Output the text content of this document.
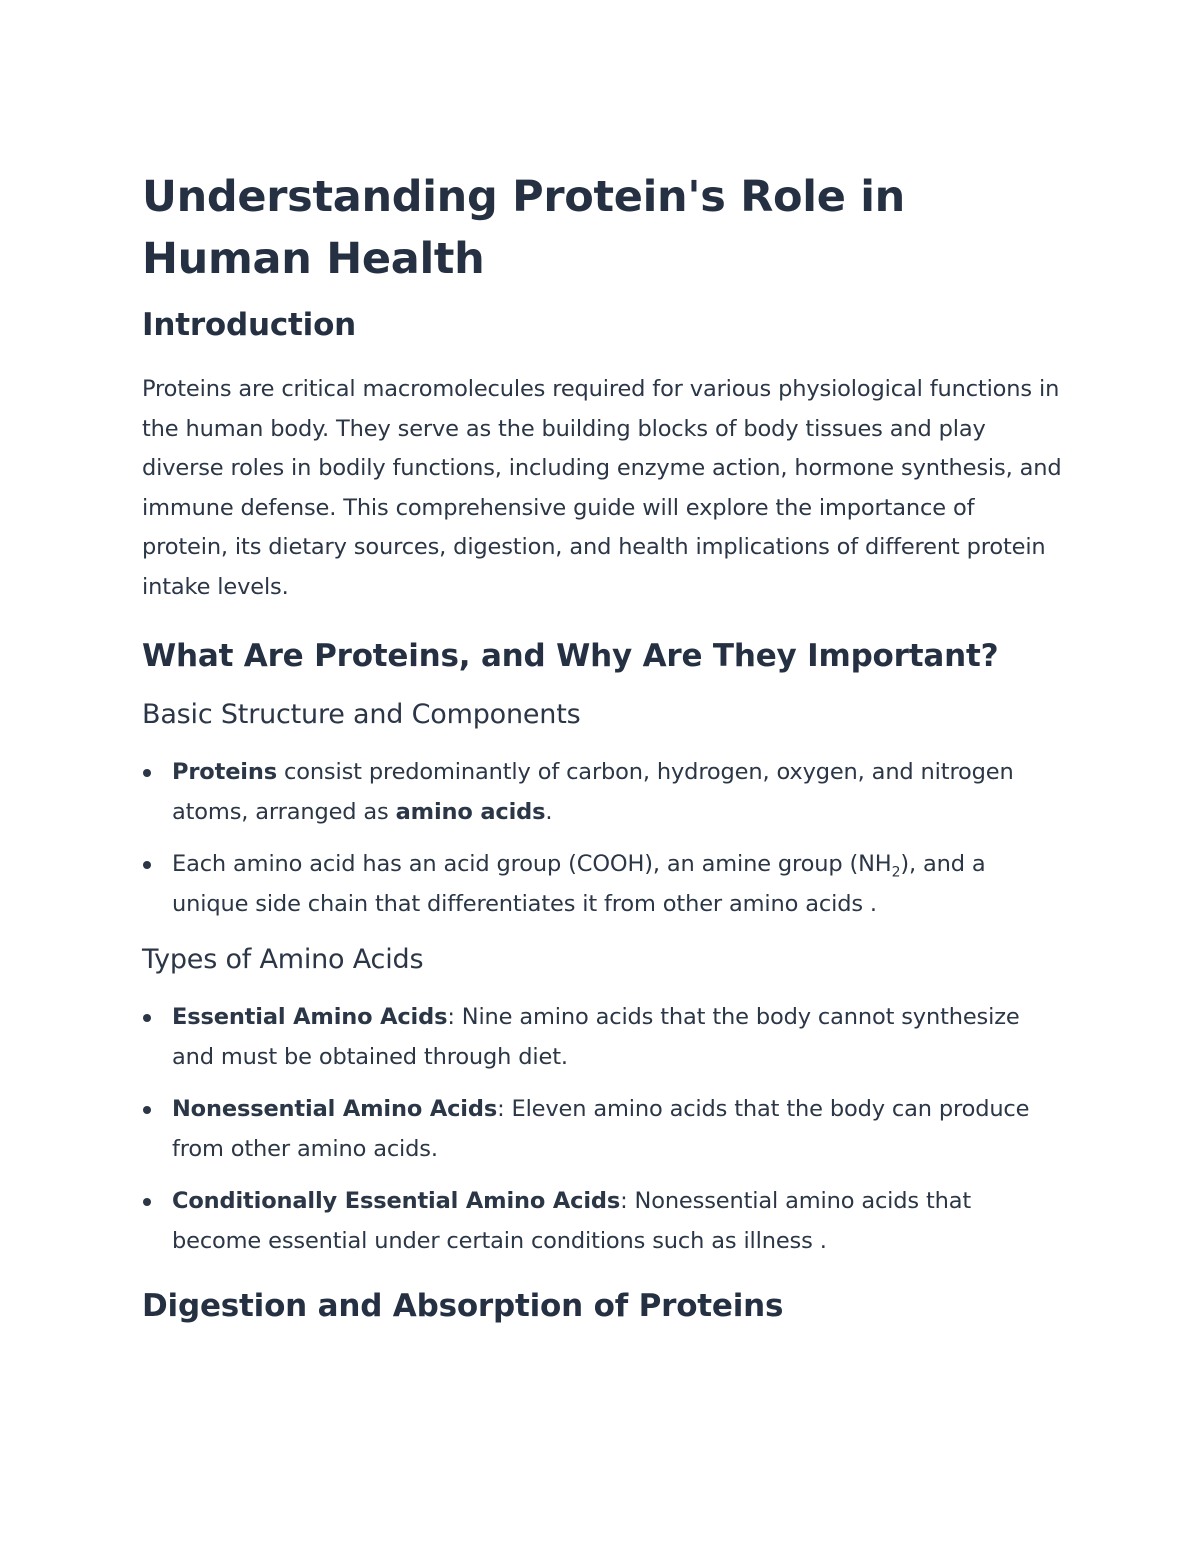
Understanding Protein's Role in Human Health
Introduction

Proteins are critical macromolecules required for various physiological functions in the human body. They serve as the building blocks of body tissues and play diverse roles in bodily functions, including enzyme action, hormone synthesis, and immune defense. This comprehensive guide will explore the importance of protein, its dietary sources, digestion, and health implications of different protein intake levels.

What Are Proteins, and Why Are They Important?
Basic Structure and Components
Proteins consist predominantly of carbon, hydrogen, oxygen, and nitrogen atoms, arranged as amino acids.
Each amino acid has an acid group (COOH), an amine group $(NH_2)$, and a unique side chain that differentiates it from other amino acids .
Types of Amino Acids
Essential Amino Acids: Nine amino acids that the body cannot synthesize and must be obtained through diet.
Nonessential Amino Acids: Eleven amino acids that the body can produce from other amino acids.
Conditionally Essential Amino Acids: Nonessential amino acids that become essential under certain conditions such as illness .
Digestion and Absorption of Proteins
